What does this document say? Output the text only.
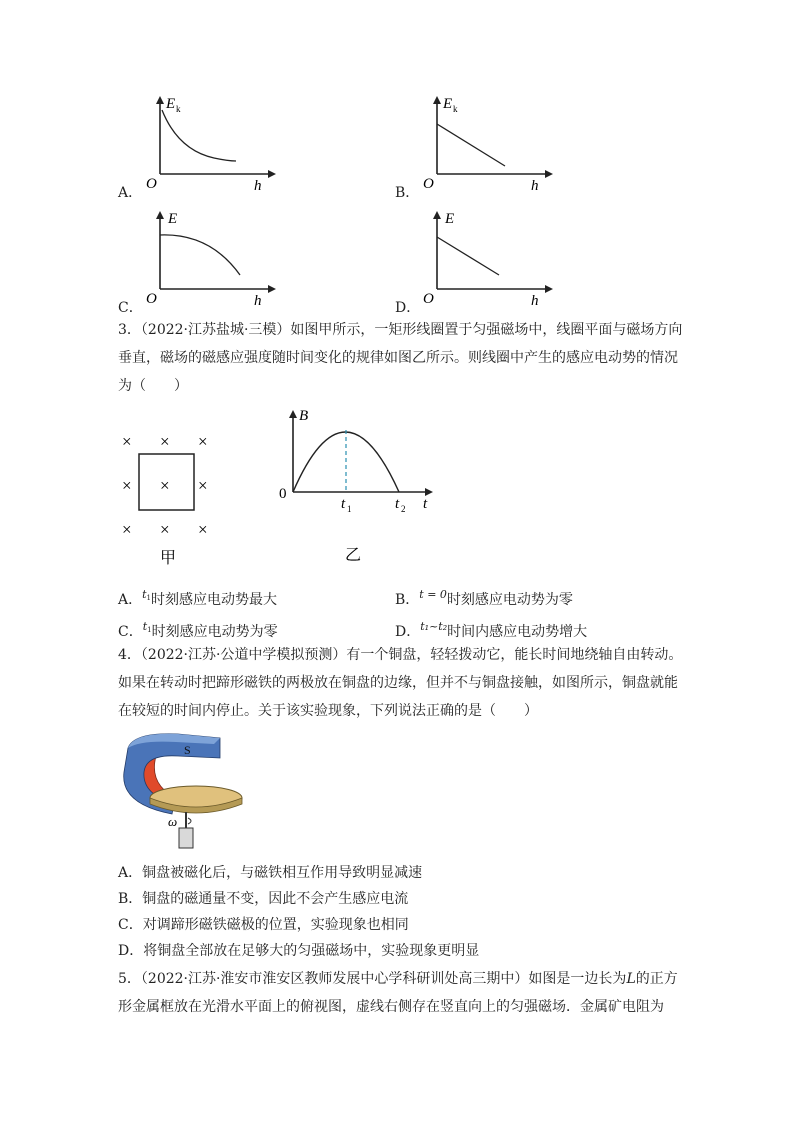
A．
E k
O	h	B．
E k
O	h
C．
E
O	h	D．
E
O	h
3．（2022·江苏盐城·三模）如图甲所示，一矩形线圈置于匀强磁场中，线圈平面与磁场方向
垂直，磁场的磁感应强度随时间变化的规律如图乙所示。则线圈中产生的感应电动势的情况
为（　　）
× × ×
× × ×
× × ×
甲
B
0
t 1	t 2 t
乙
A．$^{t1}$时刻感应电动势最大	B．$^{t = 0}$时刻感应电动势为零
C．$^{t1}$时刻感应电动势为零	D．$^{t_1\sim t_2}$时间内感应电动势增大
4．（2022·江苏·公道中学模拟预测）有一个铜盘，轻轻拨动它，能长时间地绕轴自由转动。
如果在转动时把蹄形磁铁的两极放在铜盘的边缘，但并不与铜盘接触，如图所示，铜盘就能
在较短的时间内停止。关于该实验现象，下列说法正确的是（　　）
S
ω
A．铜盘被磁化后，与磁铁相互作用导致明显减速
B．铜盘的磁通量不变，因此不会产生感应电流
C．对调蹄形磁铁磁极的位置，实验现象也相同
D．将铜盘全部放在足够大的匀强磁场中，实验现象更明显
5．（2022·江苏·淮安市淮安区教师发展中心学科研训处高三期中）如图是一边长为L的正方
形金属框放在光滑水平面上的俯视图，虚线右侧存在竖直向上的匀强磁场．金属矿电阻为
